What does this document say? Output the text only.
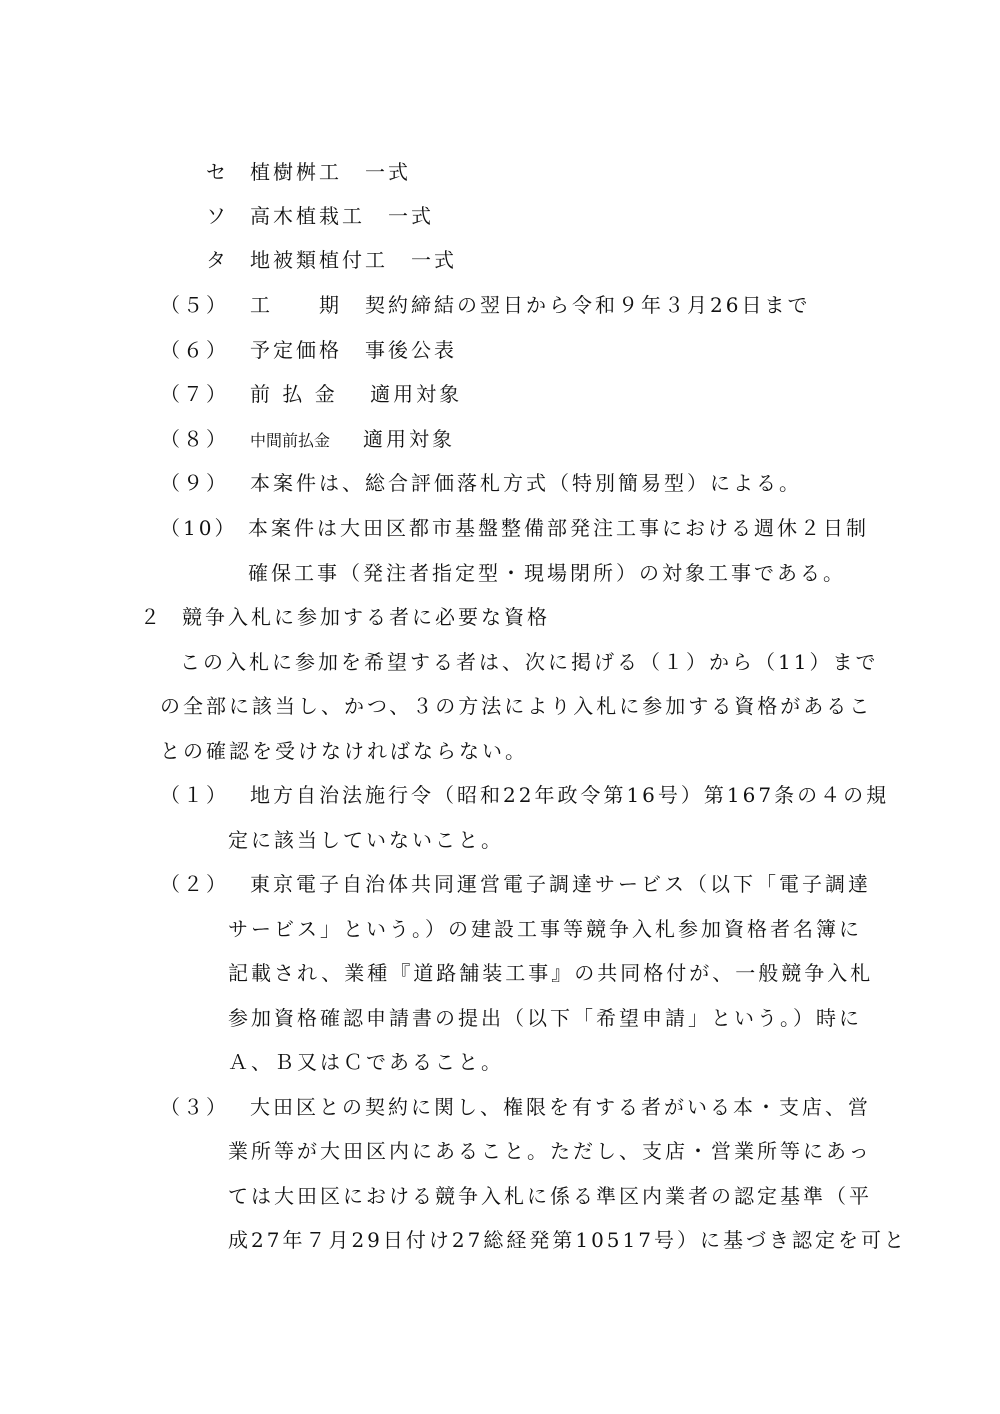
セ 植樹桝工　一式
ソ 高木植栽工　一式
タ 地被類植付工　一式
（５） 工　　期　契約締結の翌日から令和９年３月26日まで
（６） 予定価格　事後公表
（７） 前 払 金　 適用対象
（８） 中間前払金 　適用対象
（９） 本案件は、総合評価落札方式（特別簡易型）による。
（10） 本案件は大田区都市基盤整備部発注工事における週休２日制
確保工事（発注者指定型・現場閉所）の対象工事である。
２ 競争入札に参加する者に必要な資格
この入札に参加を希望する者は、次に掲げる（１）から（11）まで
の全部に該当し、かつ、３の方法により入札に参加する資格があるこ
との確認を受けなければならない。
（１） 地方自治法施行令（昭和22年政令第16号）第167条の４の規
定に該当していないこと。
（２） 東京電子自治体共同運営電子調達サービス（以下「電子調達
サービス」という。）の建設工事等競争入札参加資格者名簿に
記載され、業種『道路舗装工事』の共同格付が、一般競争入札
参加資格確認申請書の提出（以下「希望申請」という。）時に
Ａ、Ｂ又はＣであること。
（３） 大田区との契約に関し、権限を有する者がいる本・支店、営
業所等が大田区内にあること。ただし、支店・営業所等にあっ
ては大田区における競争入札に係る準区内業者の認定基準（平
成27年７月29日付け27総経発第10517号）に基づき認定を可と
